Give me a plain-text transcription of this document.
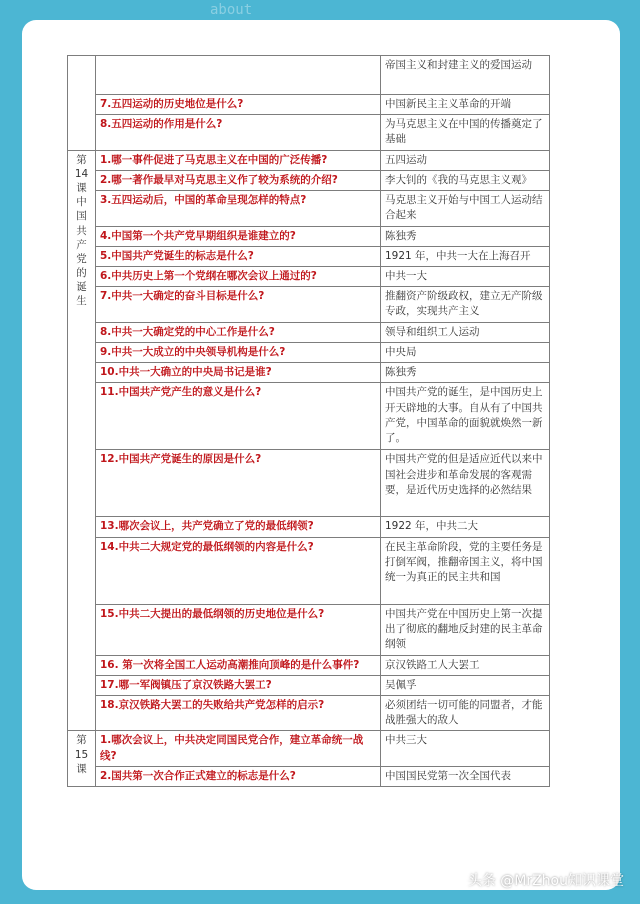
about
		帝国主义和封建主义的爱国运动
	7.五四运动的历史地位是什么?	中国新民主主义革命的开端
	8.五四运动的作用是什么?	为马克思主义在中国的传播奠定了基础
第14课中国共产党的诞生	1.哪一事件促进了马克思主义在中国的广泛传播?	五四运动
	2.哪一著作最早对马克思主义作了较为系统的介绍?	李大钊的《我的马克思主义观》
	3.五四运动后，中国的革命呈现怎样的特点?	马克思主义开始与中国工人运动结合起来
	4.中国第一个共产党早期组织是谁建立的?	陈独秀
	5.中国共产党诞生的标志是什么?	1921 年，中共一大在上海召开
	6.中共历史上第一个党纲在哪次会议上通过的?	中共一大
	7.中共一大确定的奋斗目标是什么?	推翻资产阶级政权，建立无产阶级专政，实现共产主义
	8.中共一大确定党的中心工作是什么?	领导和组织工人运动
	9.中共一大成立的中央领导机构是什么?	中央局
	10.中共一大确立的中央局书记是谁?	陈独秀
	11.中国共产党产生的意义是什么?	中国共产党的诞生，是中国历史上开天辟地的大事。自从有了中国共产党，中国革命的面貌就焕然一新了。
	12.中国共产党诞生的原因是什么?	中国共产党的但是适应近代以来中国社会进步和革命发展的客观需要，是近代历史选择的必然结果
	13.哪次会议上，共产党确立了党的最低纲领?	1922 年，中共二大
	14.中共二大规定党的最低纲领的内容是什么?	在民主革命阶段，党的主要任务是打倒军阀，推翻帝国主义，将中国统一为真正的民主共和国
	15.中共二大提出的最低纲领的历史地位是什么?	中国共产党在中国历史上第一次提出了彻底的翻地反封建的民主革命纲领
	16. 第一次将全国工人运动高潮推向顶峰的是什么事件?	京汉铁路工人大罢工
	17.哪一军阀镇压了京汉铁路大罢工?	吴佩孚
	18.京汉铁路大罢工的失败给共产党怎样的启示?	必须团结一切可能的同盟者，才能战胜强大的敌人
第15课	1.哪次会议上，中共决定同国民党合作，建立革命统一战线?	中共三大
	2.国共第一次合作正式建立的标志是什么?	中国国民党第一次全国代表
头条 @MrZhou知识课堂
